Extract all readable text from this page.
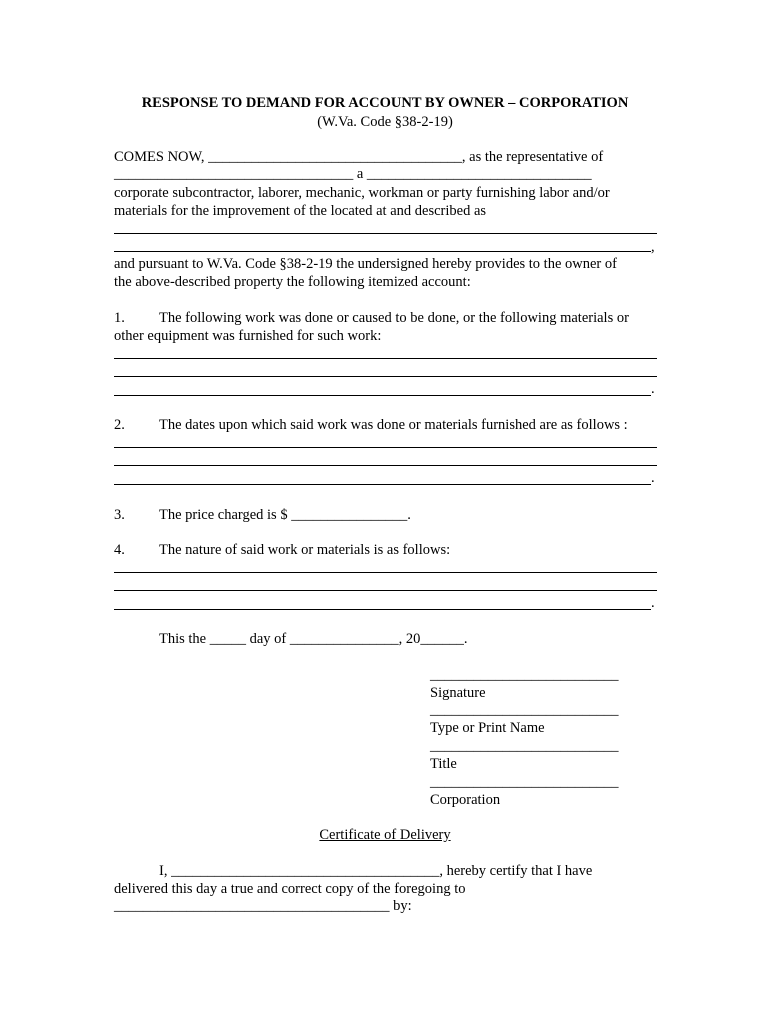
RESPONSE TO DEMAND FOR ACCOUNT BY OWNER – CORPORATION
(W.Va. Code §38-2-19)
COMES NOW, ___________________________________, as the representative of
_________________________________ a _______________________________
corporate subcontractor, laborer, mechanic, workman or party furnishing labor and/or
materials for the improvement of the located at and described as
,
and pursuant to W.Va. Code §38-2-19 the undersigned hereby provides to the owner of
the above-described property the following itemized account:
1. The following work was done or caused to be done, or the following materials or
other equipment was furnished for such work:
.
2. The dates upon which said work was done or materials furnished are as follows :
.
3. The price charged is $ ________________.
4. The nature of said work or materials is as follows:
.
This the _____ day of _______________, 20______.
__________________________
Signature
__________________________
Type or Print Name
__________________________
Title
__________________________
Corporation
Certificate of Delivery
I, _____________________________________, hereby certify that I have
delivered this day a true and correct copy of the foregoing to
______________________________________ by:
